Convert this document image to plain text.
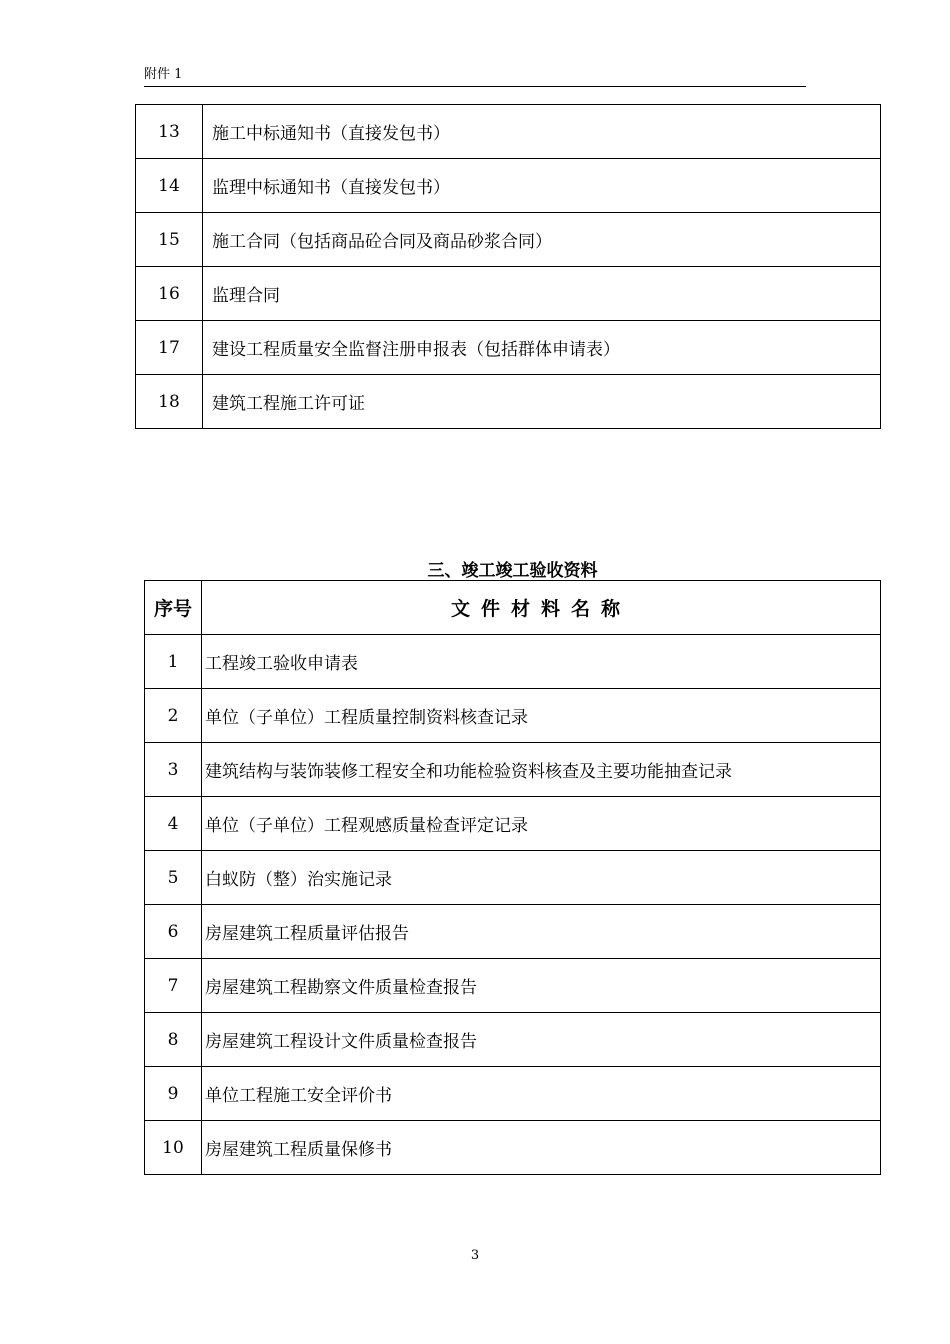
附件 1
13	施工中标通知书（直接发包书）
14	监理中标通知书（直接发包书）
15	施工合同（包括商品砼合同及商品砂浆合同）
16	监理合同
17	建设工程质量安全监督注册申报表（包括群体申请表）
18	建筑工程施工许可证
三、竣工竣工验收资料
序号	文件材料名称
1	工程竣工验收申请表
2	单位（子单位）工程质量控制资料核查记录
3	建筑结构与装饰装修工程安全和功能检验资料核查及主要功能抽查记录
4	单位（子单位）工程观感质量检查评定记录
5	白蚁防（整）治实施记录
6	房屋建筑工程质量评估报告
7	房屋建筑工程勘察文件质量检查报告
8	房屋建筑工程设计文件质量检查报告
9	单位工程施工安全评价书
10	房屋建筑工程质量保修书
3
